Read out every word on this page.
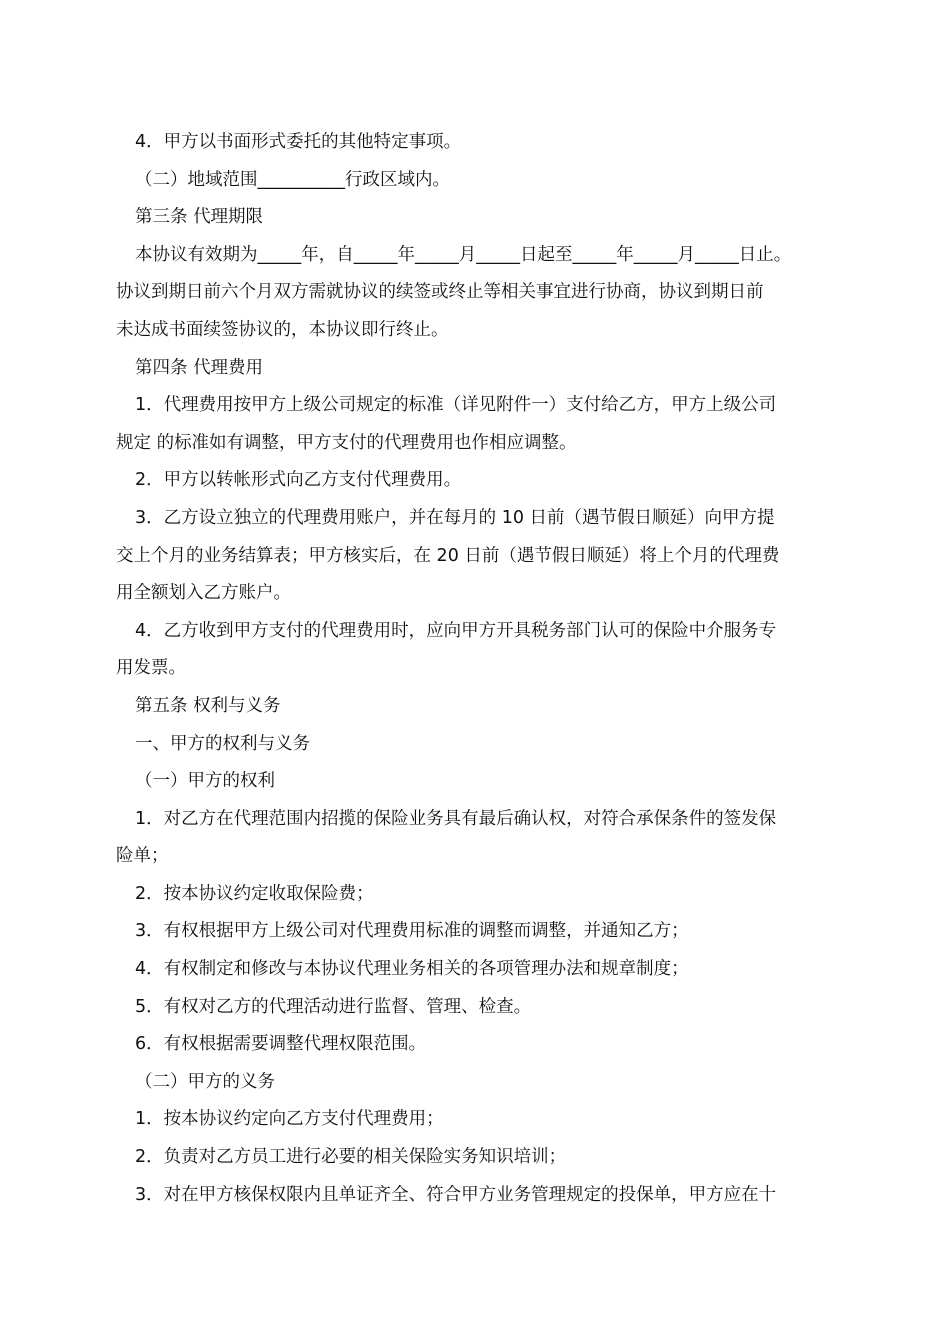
4．甲方以书面形式委托的其他特定事项。
（二）地域范围__________行政区域内。
第三条 代理期限
本协议有效期为_____年，自_____年_____月_____日起至_____年_____月_____日止。
协议到期日前六个月双方需就协议的续签或终止等相关事宜进行协商，协议到期日前
未达成书面续签协议的，本协议即行终止。
第四条 代理费用
1．代理费用按甲方上级公司规定的标准（详见附件一）支付给乙方，甲方上级公司
规定 的标准如有调整，甲方支付的代理费用也作相应调整。
2．甲方以转帐形式向乙方支付代理费用。
3．乙方设立独立的代理费用账户，并在每月的 10 日前（遇节假日顺延）向甲方提
交上个月的业务结算表；甲方核实后，在 20 日前（遇节假日顺延）将上个月的代理费
用全额划入乙方账户。
4．乙方收到甲方支付的代理费用时，应向甲方开具税务部门认可的保险中介服务专
用发票。
第五条 权利与义务
一、甲方的权利与义务
（一）甲方的权利
1．对乙方在代理范围内招揽的保险业务具有最后确认权，对符合承保条件的签发保
险单；
2．按本协议约定收取保险费；
3．有权根据甲方上级公司对代理费用标准的调整而调整，并通知乙方；
4．有权制定和修改与本协议代理业务相关的各项管理办法和规章制度；
5．有权对乙方的代理活动进行监督、管理、检查。
6．有权根据需要调整代理权限范围。
（二）甲方的义务
1．按本协议约定向乙方支付代理费用；
2．负责对乙方员工进行必要的相关保险实务知识培训；
3．对在甲方核保权限内且单证齐全、符合甲方业务管理规定的投保单，甲方应在十
